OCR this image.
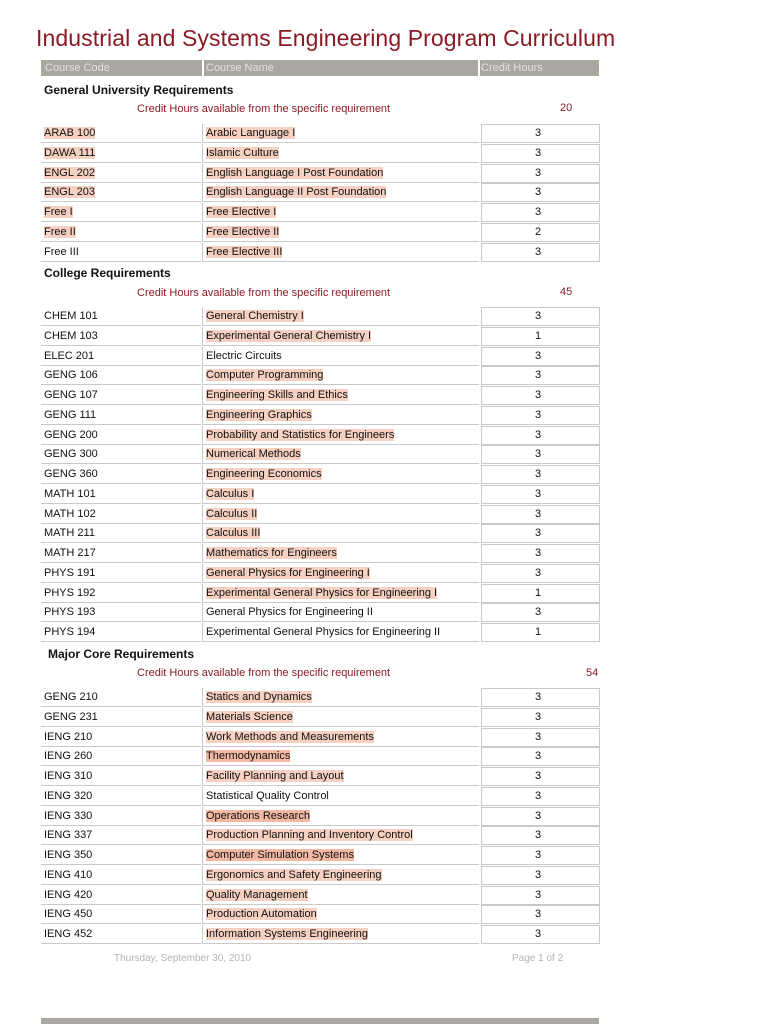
Industrial and Systems Engineering Program Curriculum
Course Code	Course Name	Credit Hours
General University Requirements
Credit Hours available from the specific requirement	20
ARAB 100	Arabic Language I	3
DAWA 111	Islamic Culture	3
ENGL 202	English Language I Post Foundation	3
ENGL 203	English Language II Post Foundation	3
Free I	Free Elective I	3
Free II	Free Elective II	2
Free III	Free Elective III	3
College Requirements
Credit Hours available from the specific requirement	45
CHEM 101	General Chemistry I	3
CHEM 103	Experimental General Chemistry I	1
ELEC 201	Electric Circuits	3
GENG 106	Computer Programming	3
GENG 107	Engineering Skills and Ethics	3
GENG 111	Engineering Graphics	3
GENG 200	Probability and Statistics for Engineers	3
GENG 300	Numerical Methods	3
GENG 360	Engineering Economics	3
MATH 101	Calculus I	3
MATH 102	Calculus II	3
MATH 211	Calculus III	3
MATH 217	Mathematics for Engineers	3
PHYS 191	General Physics for Engineering I	3
PHYS 192	Experimental General Physics for Engineering I	1
PHYS 193	General Physics for Engineering II	3
PHYS 194	Experimental General Physics for Engineering II	1
Major Core Requirements
Credit Hours available from the specific requirement	54
GENG 210	Statics and Dynamics	3
GENG 231	Materials Science	3
IENG 210	Work Methods and Measurements	3
IENG 260	Thermodynamics	3
IENG 310	Facility Planning and Layout	3
IENG 320	Statistical Quality Control	3
IENG 330	Operations Research	3
IENG 337	Production Planning and Inventory Control	3
IENG 350	Computer Simulation Systems	3
IENG 410	Ergonomics and Safety Engineering	3
IENG 420	Quality Management	3
IENG 450	Production Automation	3
IENG 452	Information Systems Engineering	3
Thursday, September 30, 2010	Page 1 of 2
